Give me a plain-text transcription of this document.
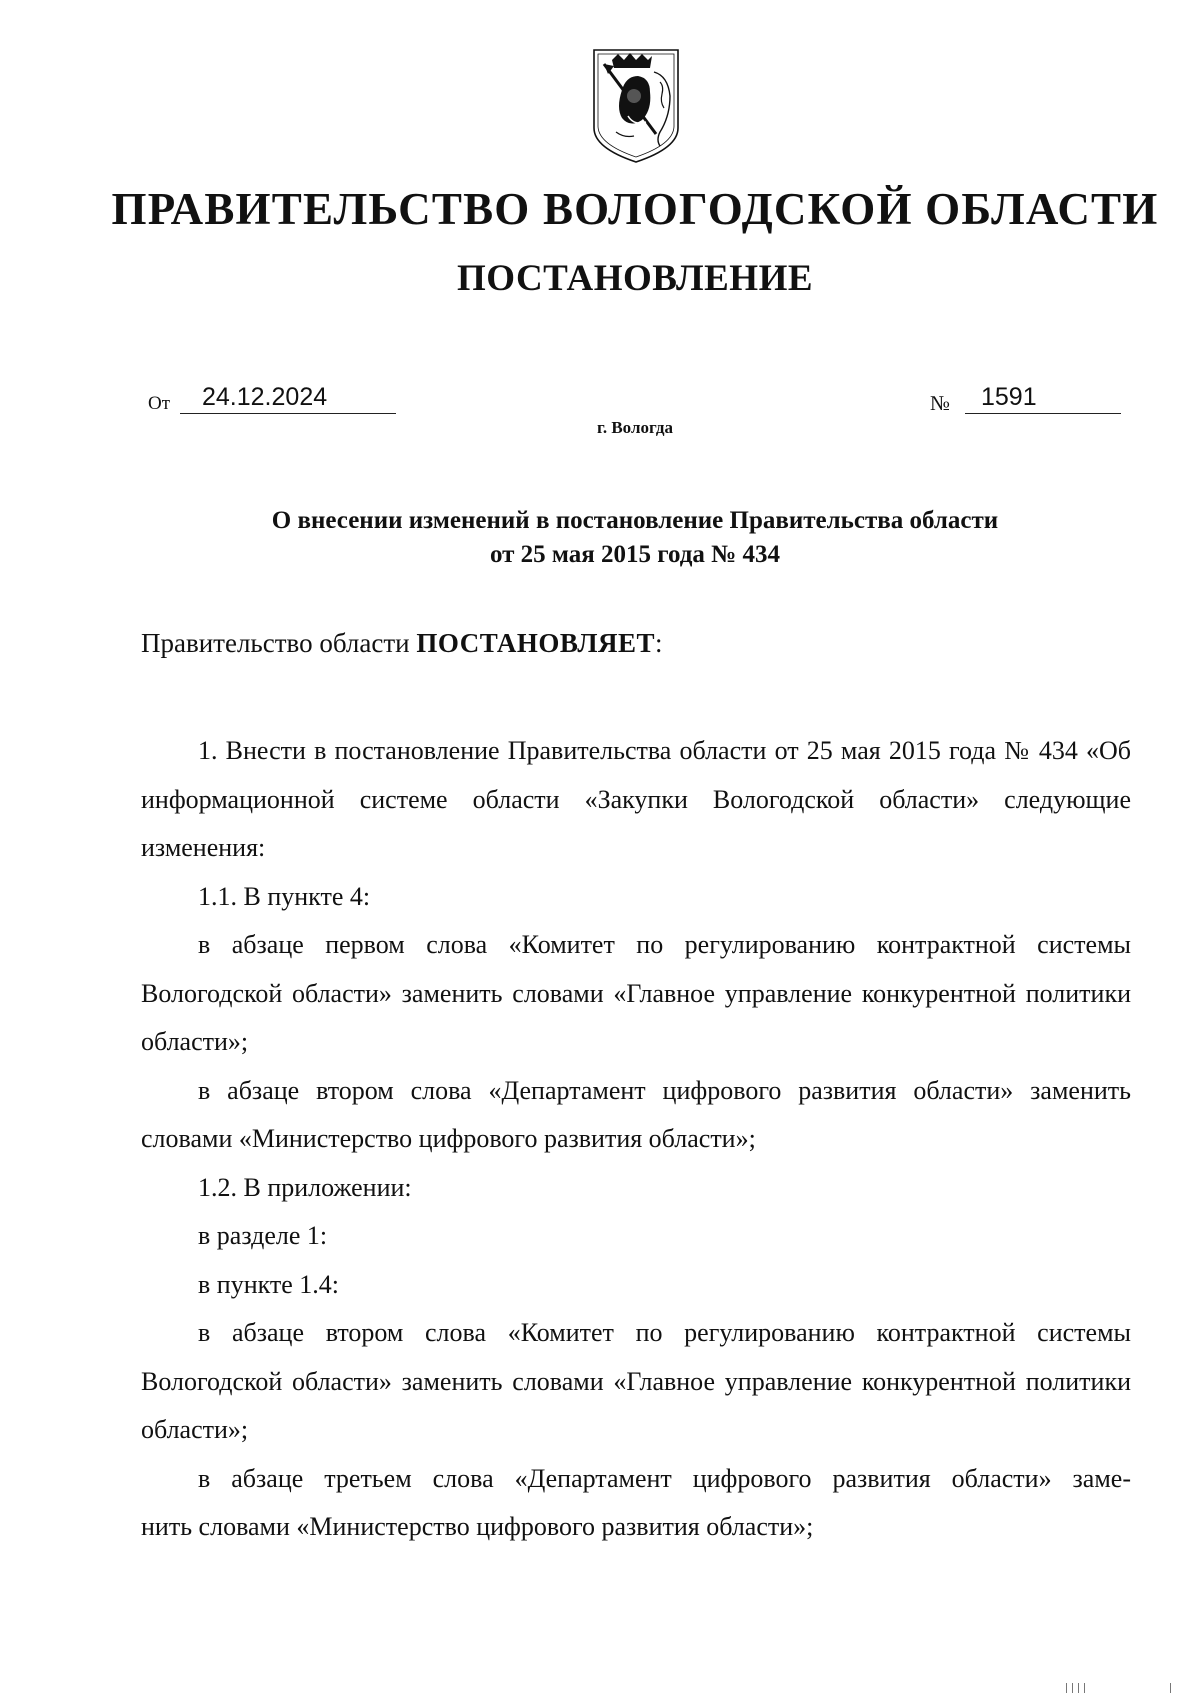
ПРАВИТЕЛЬСТВО ВОЛОГОДСКОЙ ОБЛАСТИ
ПОСТАНОВЛЕНИЕ
От	24.12.2024	№	1591
г. Вологда
О внесении изменений в постановление Правительства области
от 25 мая 2015 года № 434
Правительство области ПОСТАНОВЛЯЕТ:

1. Внести в постановление Правительства области от 25 мая 2015 года № 434 «Об информационной системе области «Закупки Вологодской области» следующие изменения:

1.1. В пункте 4:

в абзаце первом слова «Комитет по регулированию контрактной системы Вологодской области» заменить словами «Главное управление конкурентной политики области»;

в абзаце втором слова «Департамент цифрового развития области» заменить словами «Министерство цифрового развития области»;

1.2. В приложении:

в разделе 1:

в пункте 1.4:

в абзаце втором слова «Комитет по регулированию контрактной системы Вологодской области» заменить словами «Главное управление конкурентной политики области»;

в абзаце третьем слова «Департамент цифрового развития области» заме-

нить словами «Министерство цифрового развития области»;
